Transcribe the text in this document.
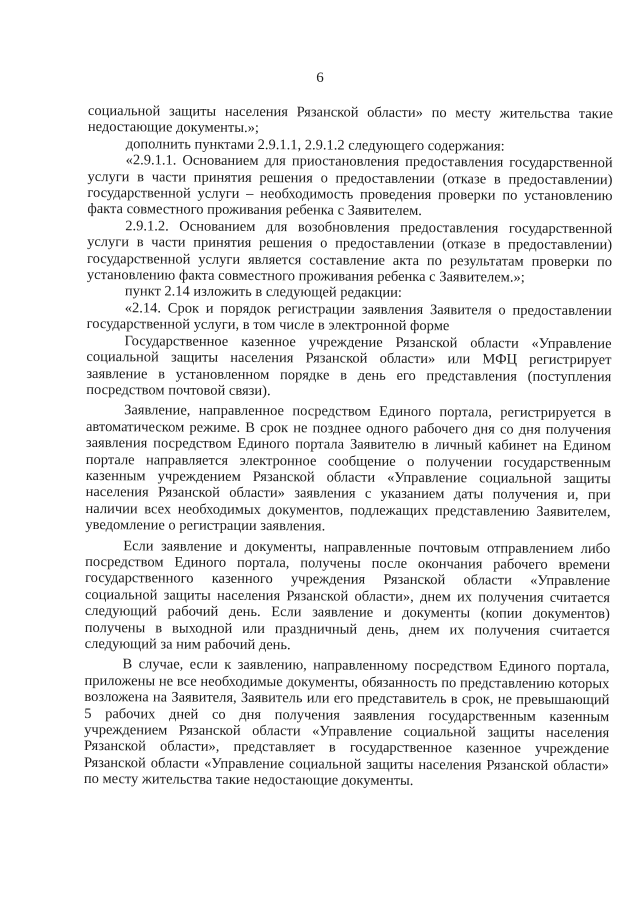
6

социальной защиты населения Рязанской области» по месту жительства такие недостающие документы.»;

дополнить пунктами 2.9.1.1, 2.9.1.2 следующего содержания:

«2.9.1.1. Основанием для приостановления предоставления государственной услуги в части принятия решения о предоставлении (отказе в предоставлении) государственной услуги – необходимость проведения проверки по установлению факта совместного проживания ребенка с Заявителем.

2.9.1.2. Основанием для возобновления предоставления государственной услуги в части принятия решения о предоставлении (отказе в предоставлении) государственной услуги является составление акта по результатам проверки по установлению факта совместного проживания ребенка с Заявителем.»;

пункт 2.14 изложить в следующей редакции:

«2.14. Срок и порядок регистрации заявления Заявителя о предоставлении государственной услуги, в том числе в электронной форме

Государственное казенное учреждение Рязанской области «Управление социальной защиты населения Рязанской области» или МФЦ регистрирует заявление в установленном порядке в день его представления (поступления посредством почтовой связи).

Заявление, направленное посредством Единого портала, регистрируется в автоматическом режиме. В срок не позднее одного рабочего дня со дня получения заявления посредством Единого портала Заявителю в личный кабинет на Едином портале направляется электронное сообщение о получении государственным казенным учреждением Рязанской области «Управление социальной защиты населения Рязанской области» заявления с указанием даты получения и, при наличии всех необходимых документов, подлежащих представлению Заявителем, уведомление о регистрации заявления.

Если заявление и документы, направленные почтовым отправлением либо посредством Единого портала, получены после окончания рабочего времени государственного казенного учреждения Рязанской области «Управление социальной защиты населения Рязанской области», днем их получения считается следующий рабочий день. Если заявление и документы (копии документов) получены в выходной или праздничный день, днем их получения считается следующий за ним рабочий день.

В случае, если к заявлению, направленному посредством Единого портала, приложены не все необходимые документы, обязанность по представлению которых возложена на Заявителя, Заявитель или его представитель в срок, не превышающий 5 рабочих дней со дня получения заявления государственным казенным учреждением Рязанской области «Управление социальной защиты населения Рязанской области», представляет в государственное казенное учреждение Рязанской области «Управление социальной защиты населения Рязанской области» по месту жительства такие недостающие документы.
